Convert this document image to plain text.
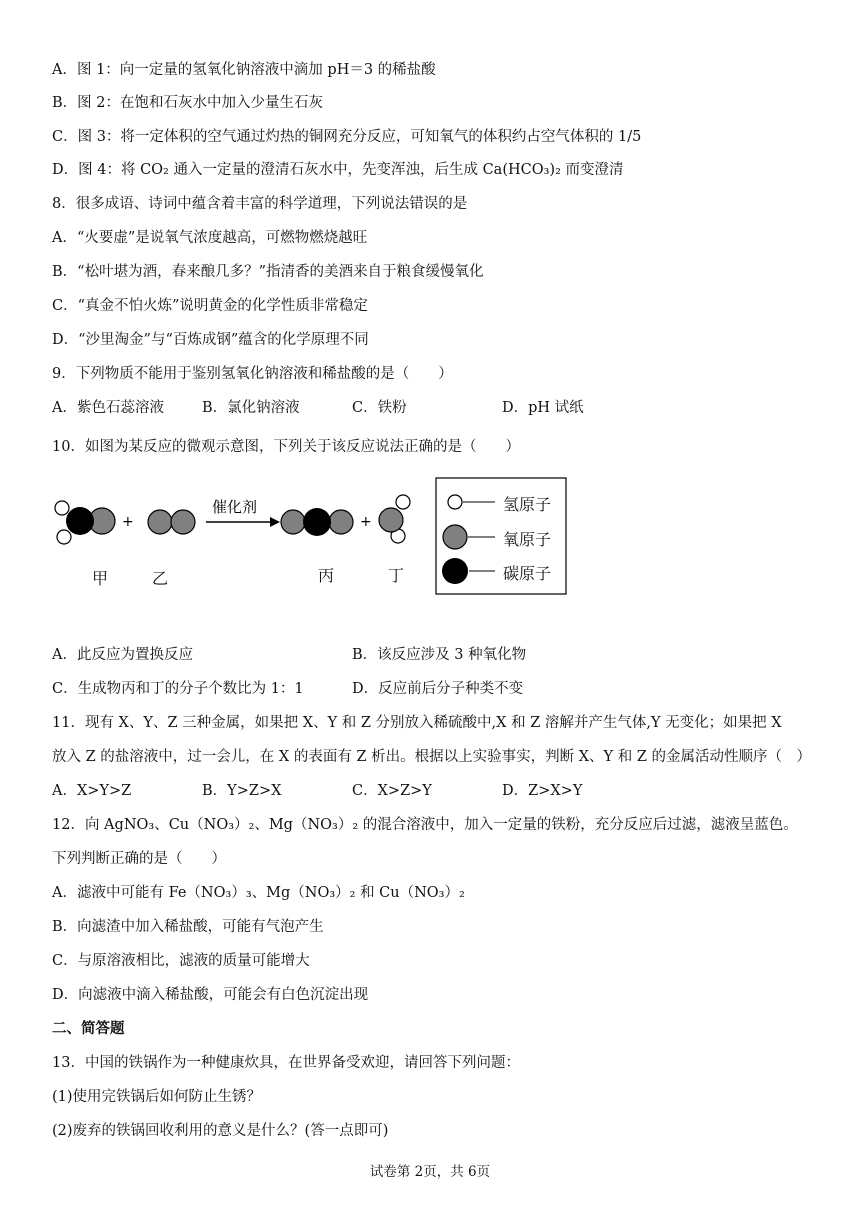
A．图 1：向一定量的氢氧化钠溶液中滴加 pH＝3 的稀盐酸
B．图 2：在饱和石灰水中加入少量生石灰
C．图 3：将一定体积的空气通过灼热的铜网充分反应，可知氧气的体积约占空气体积的 1/5
D．图 4：将 CO₂ 通入一定量的澄清石灰水中，先变浑浊，后生成 Ca(HCO₃)₂ 而变澄清
8．很多成语、诗词中蕴含着丰富的科学道理，下列说法错误的是
A．“火要虚”是说氧气浓度越高，可燃物燃烧越旺
B．“松叶堪为酒，春来酿几多？”指清香的美酒来自于粮食缓慢氧化
C．“真金不怕火炼”说明黄金的化学性质非常稳定
D．“沙里淘金”与“百炼成钢”蕴含的化学原理不同
9．下列物质不能用于鉴别氢氧化钠溶液和稀盐酸的是（　　）
A．紫色石蕊溶液	B．氯化钠溶液	C．铁粉	D．pH 试纸
10．如图为某反应的微观示意图，下列关于该反应说法正确的是（　　）
+
催化剂
+
氢原子
氧原子
碳原子
甲	乙	丙	丁
A．此反应为置换反应	B．该反应涉及 3 种氧化物
C．生成物丙和丁的分子个数比为 1：1	D．反应前后分子种类不变
11．现有 X、Y、Z 三种金属，如果把 X、Y 和 Z 分别放入稀硫酸中,X 和 Z 溶解并产生气体,Y 无变化；如果把 X
放入 Z 的盐溶液中，过一会儿，在 X 的表面有 Z 析出。根据以上实验事实，判断 X、Y 和 Z 的金属活动性顺序（　）
A．X>Y>Z	B．Y>Z>X	C．X>Z>Y	D．Z>X>Y
12．向 AgNO₃、Cu（NO₃）₂、Mg（NO₃）₂ 的混合溶液中，加入一定量的铁粉，充分反应后过滤，滤液呈蓝色。
下列判断正确的是（　　）
A．滤液中可能有 Fe（NO₃）₃、Mg（NO₃）₂ 和 Cu（NO₃）₂
B．向滤渣中加入稀盐酸，可能有气泡产生
C．与原溶液相比，滤液的质量可能增大
D．向滤液中滴入稀盐酸，可能会有白色沉淀出现
二、简答题
13．中国的铁锅作为一种健康炊具，在世界备受欢迎，请回答下列问题：
(1)使用完铁锅后如何防止生锈？
(2)废弃的铁锅回收利用的意义是什么？(答一点即可)
试卷第 2页，共 6页
